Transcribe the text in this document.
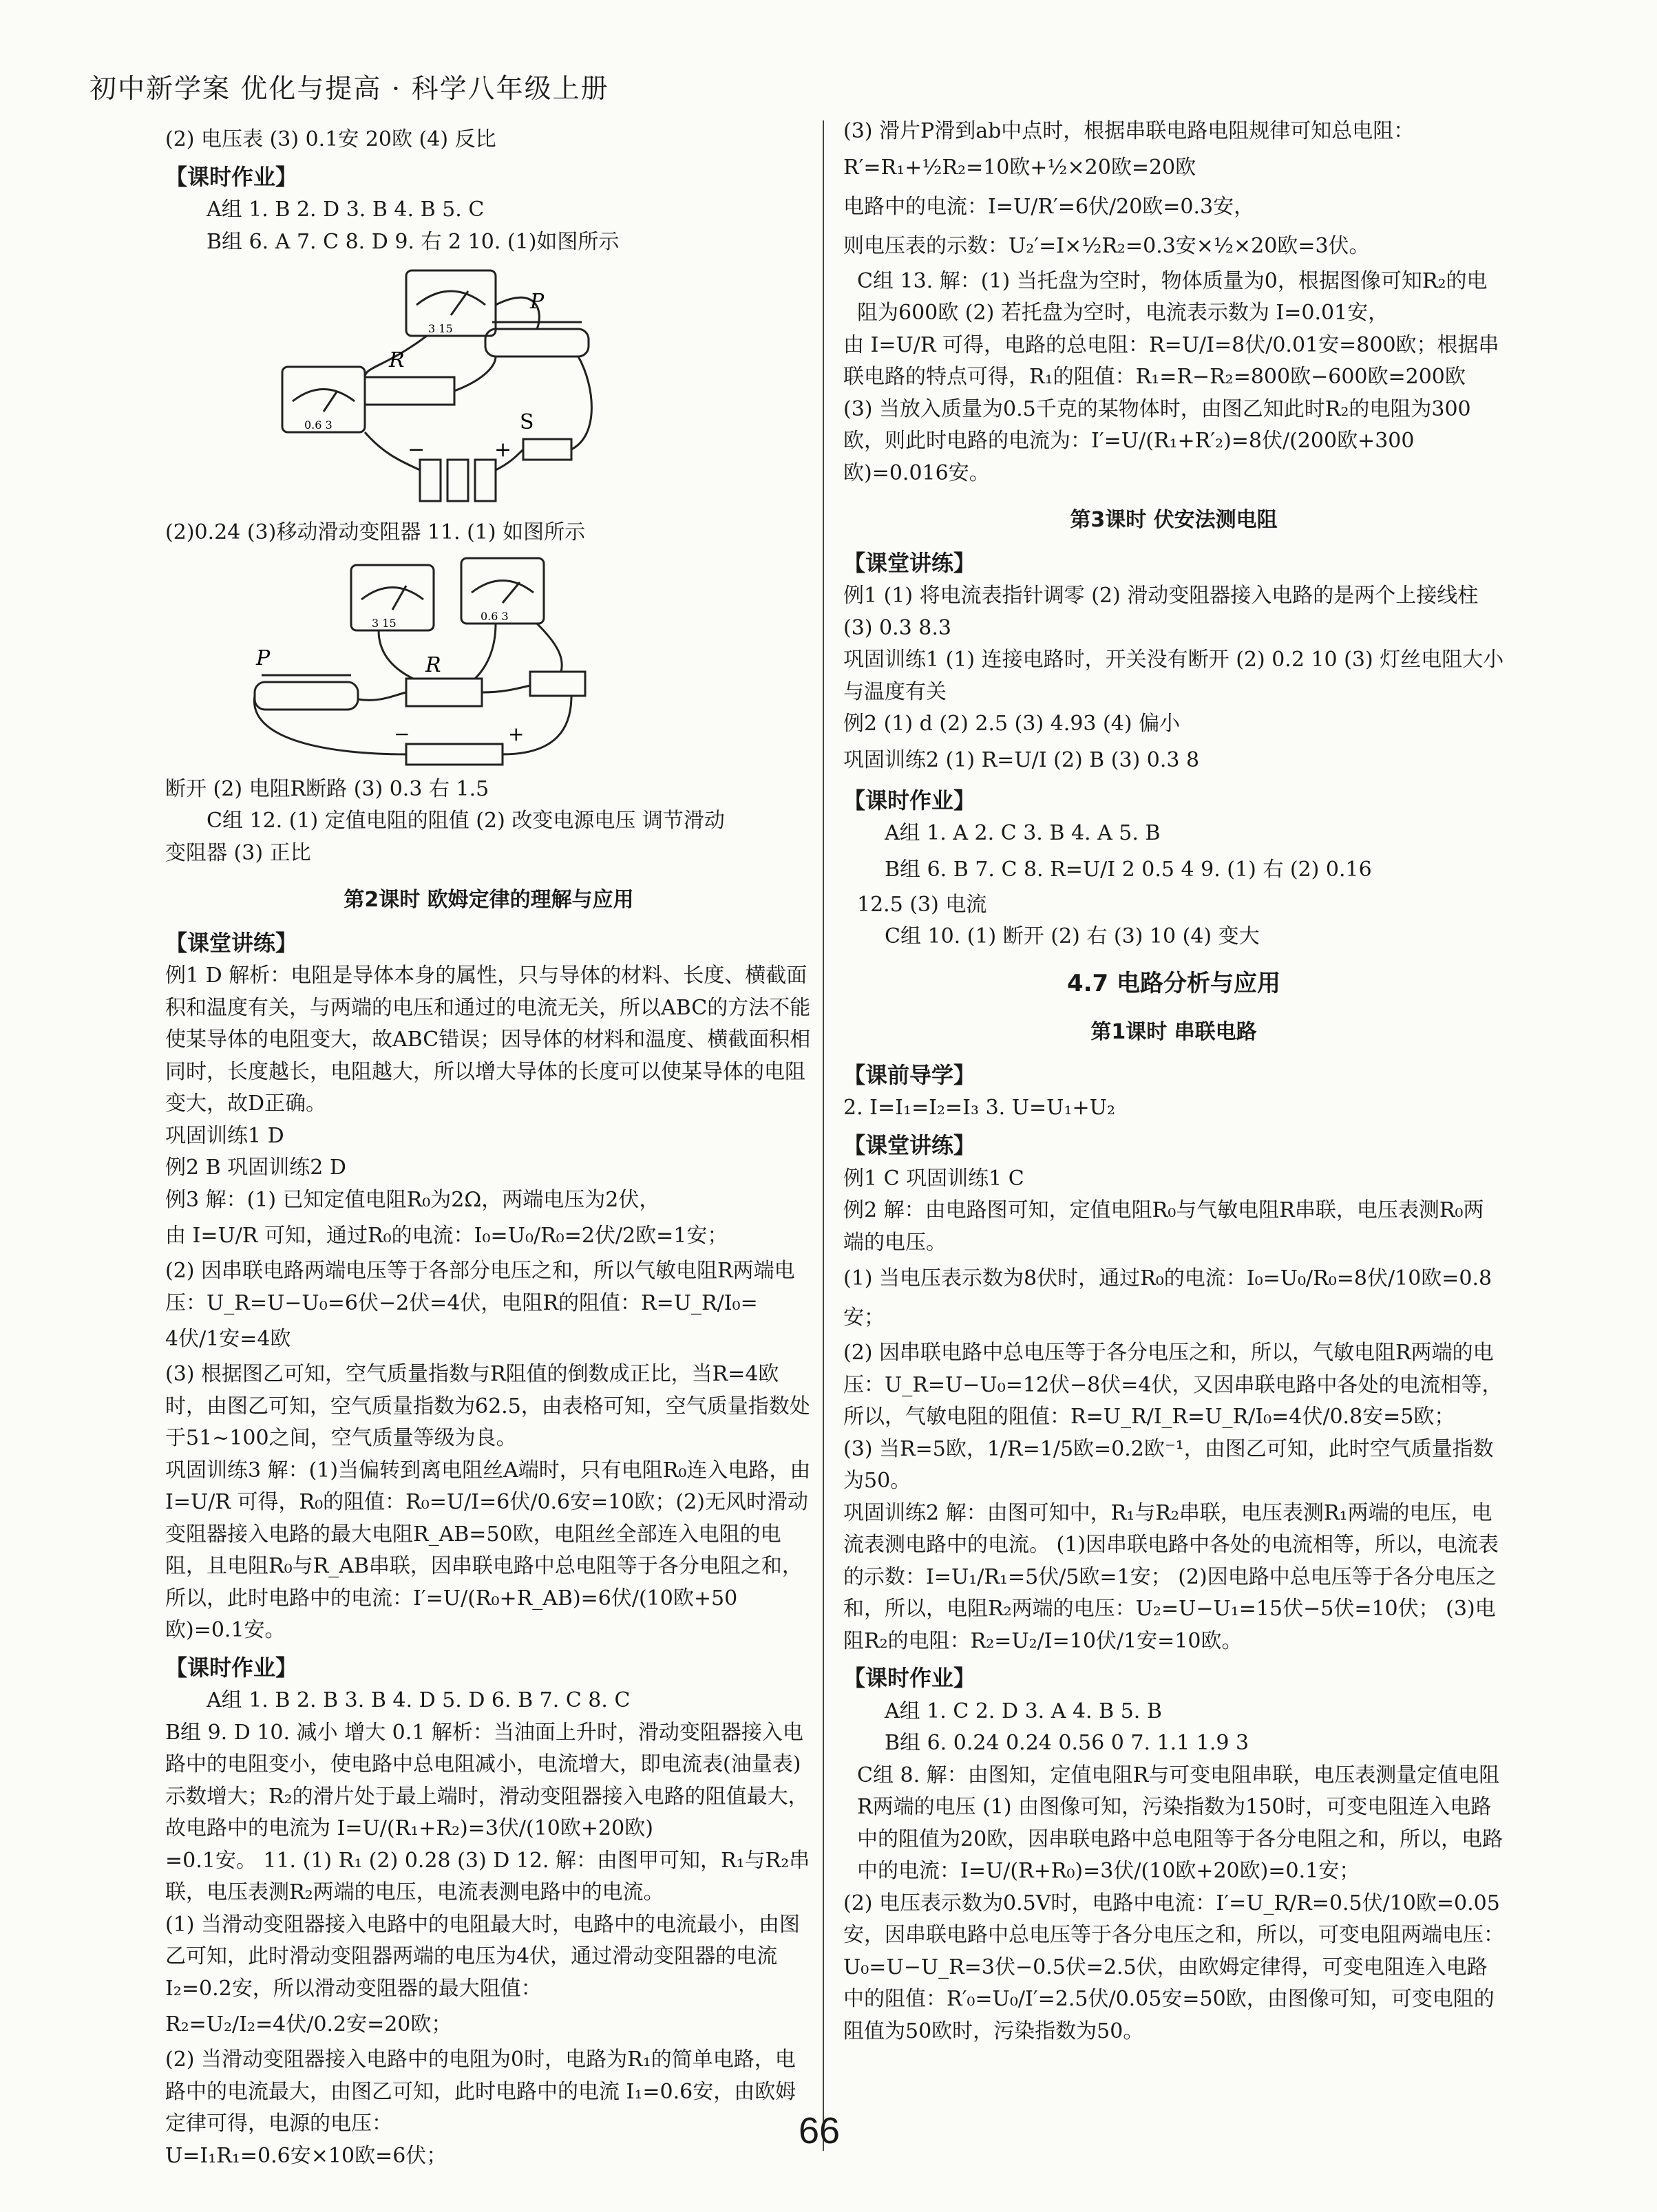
初中新学案 优化与提高 · 科学八年级上册
(2) 电压表 (3) 0.1安 20欧 (4) 反比
【课时作业】
A组 1. B 2. D 3. B 4. B 5. C
B组 6. A 7. C 8. D 9. 右 2 10. (1)如图所示
P
R
S
+
−
3 15
0.6 3
(2)0.24 (3)移动滑动变阻器 11. (1) 如图所示
P	R
+
−
3 15
0.6 3
断开 (2) 电阻R断路 (3) 0.3 右 1.5
C组 12. (1) 定值电阻的阻值 (2) 改变电源电压 调节滑动
变阻器 (3) 正比
第2课时 欧姆定律的理解与应用
【课堂讲练】
例1 D 解析：电阻是导体本身的属性，只与导体的材料、长度、横截面积和温度有关，与两端的电压和通过的电流无关，所以ABC的方法不能使某导体的电阻变大，故ABC错误；因导体的材料和温度、横截面积相同时，长度越长，电阻越大，所以增大导体的长度可以使某导体的电阻变大，故D正确。
巩固训练1 D
例2 B 巩固训练2 D
例3 解：(1) 已知定值电阻R₀为2Ω，两端电压为2伏，
由 I=U/R 可知，通过R₀的电流：I₀=U₀/R₀=2伏/2欧=1安；
(2) 因串联电路两端电压等于各部分电压之和，所以气敏电阻R两端电压：U_R=U−U₀=6伏−2伏=4伏，电阻R的阻值：R=U_R/I₀=
4伏/1安=4欧
(3) 根据图乙可知，空气质量指数与R阻值的倒数成正比，当R=4欧时，由图乙可知，空气质量指数为62.5，由表格可知，空气质量指数处于51~100之间，空气质量等级为良。
巩固训练3 解：(1)当偏转到离电阻丝A端时，只有电阻R₀连入电路，由 I=U/R 可得，R₀的阻值：R₀=U/I=6伏/0.6安=10欧；(2)无风时滑动变阻器接入电路的最大电阻R_AB=50欧，电阻丝全部连入电阻的电阻，且电阻R₀与R_AB串联，因串联电路中总电阻等于各分电阻之和，所以，此时电路中的电流：I′=U/(R₀+R_AB)=6伏/(10欧+50欧)=0.1安。
【课时作业】
A组 1. B 2. B 3. B 4. D 5. D 6. B 7. C 8. C
B组 9. D 10. 减小 增大 0.1 解析：当油面上升时，滑动变阻器接入电路中的电阻变小，使电路中总电阻减小，电流增大，即电流表(油量表)示数增大；R₂的滑片处于最上端时，滑动变阻器接入电路的阻值最大，故电路中的电流为 I=U/(R₁+R₂)=3伏/(10欧+20欧)
=0.1安。 11. (1) R₁ (2) 0.28 (3) D 12. 解：由图甲可知，R₁与R₂串联，电压表测R₂两端的电压，电流表测电路中的电流。
(1) 当滑动变阻器接入电路中的电阻最大时，电路中的电流最小，由图乙可知，此时滑动变阻器两端的电压为4伏，通过滑动变阻器的电流 I₂=0.2安，所以滑动变阻器的最大阻值：
R₂=U₂/I₂=4伏/0.2安=20欧；
(2) 当滑动变阻器接入电路中的电阻为0时，电路为R₁的简单电路，电路中的电流最大，由图乙可知，此时电路中的电流 I₁=0.6安，由欧姆定律可得，电源的电压：
U=I₁R₁=0.6安×10欧=6伏；
(3) 滑片P滑到ab中点时，根据串联电路电阻规律可知总电阻：
R′=R₁+½R₂=10欧+½×20欧=20欧
电路中的电流：I=U/R′=6伏/20欧=0.3安，
则电压表的示数：U₂′=I×½R₂=0.3安×½×20欧=3伏。
C组 13. 解：(1) 当托盘为空时，物体质量为0，根据图像可知R₂的电阻为600欧 (2) 若托盘为空时，电流表示数为 I=0.01安，
由 I=U/R 可得，电路的总电阻：R=U/I=8伏/0.01安=800欧；根据串联电路的特点可得，R₁的阻值：R₁=R−R₂=800欧−600欧=200欧
(3) 当放入质量为0.5千克的某物体时，由图乙知此时R₂的电阻为300欧，则此时电路的电流为：I′=U/(R₁+R′₂)=8伏/(200欧+300欧)=0.016安。
第3课时 伏安法测电阻
【课堂讲练】
例1 (1) 将电流表指针调零 (2) 滑动变阻器接入电路的是两个上接线柱 (3) 0.3 8.3
巩固训练1 (1) 连接电路时，开关没有断开 (2) 0.2 10 (3) 灯丝电阻大小与温度有关
例2 (1) d (2) 2.5 (3) 4.93 (4) 偏小
巩固训练2 (1) R=U/I (2) B (3) 0.3 8
【课时作业】
A组 1. A 2. C 3. B 4. A 5. B
B组 6. B 7. C 8. R=U/I 2 0.5 4 9. (1) 右 (2) 0.16
12.5 (3) 电流
C组 10. (1) 断开 (2) 右 (3) 10 (4) 变大
4.7 电路分析与应用
第1课时 串联电路
【课前导学】
2. I=I₁=I₂=I₃ 3. U=U₁+U₂
【课堂讲练】
例1 C 巩固训练1 C
例2 解：由电路图可知，定值电阻R₀与气敏电阻R串联，电压表测R₀两端的电压。
(1) 当电压表示数为8伏时，通过R₀的电流：I₀=U₀/R₀=8伏/10欧=0.8安；
(2) 因串联电路中总电压等于各分电压之和，所以，气敏电阻R两端的电压：U_R=U−U₀=12伏−8伏=4伏，又因串联电路中各处的电流相等，所以，气敏电阻的阻值：R=U_R/I_R=U_R/I₀=4伏/0.8安=5欧；
(3) 当R=5欧，1/R=1/5欧=0.2欧⁻¹，由图乙可知，此时空气质量指数为50。
巩固训练2 解：由图可知中，R₁与R₂串联，电压表测R₁两端的电压，电流表测电路中的电流。 (1)因串联电路中各处的电流相等，所以，电流表的示数：I=U₁/R₁=5伏/5欧=1安； (2)因电路中总电压等于各分电压之和，所以，电阻R₂两端的电压：U₂=U−U₁=15伏−5伏=10伏； (3)电阻R₂的电阻：R₂=U₂/I=10伏/1安=10欧。
【课时作业】
A组 1. C 2. D 3. A 4. B 5. B
B组 6. 0.24 0.24 0.56 0 7. 1.1 1.9 3
C组 8. 解：由图知，定值电阻R与可变电阻串联，电压表测量定值电阻R两端的电压 (1) 由图像可知，污染指数为150时，可变电阻连入电路中的阻值为20欧，因串联电路中总电阻等于各分电阻之和，所以，电路中的电流：I=U/(R+R₀)=3伏/(10欧+20欧)=0.1安；
(2) 电压表示数为0.5V时，电路中电流：I′=U_R/R=0.5伏/10欧=0.05安，因串联电路中总电压等于各分电压之和，所以，可变电阻两端电压：U₀=U−U_R=3伏−0.5伏=2.5伏，由欧姆定律得，可变电阻连入电路中的阻值：R′₀=U₀/I′=2.5伏/0.05安=50欧，由图像可知，可变电阻的阻值为50欧时，污染指数为50。
66
